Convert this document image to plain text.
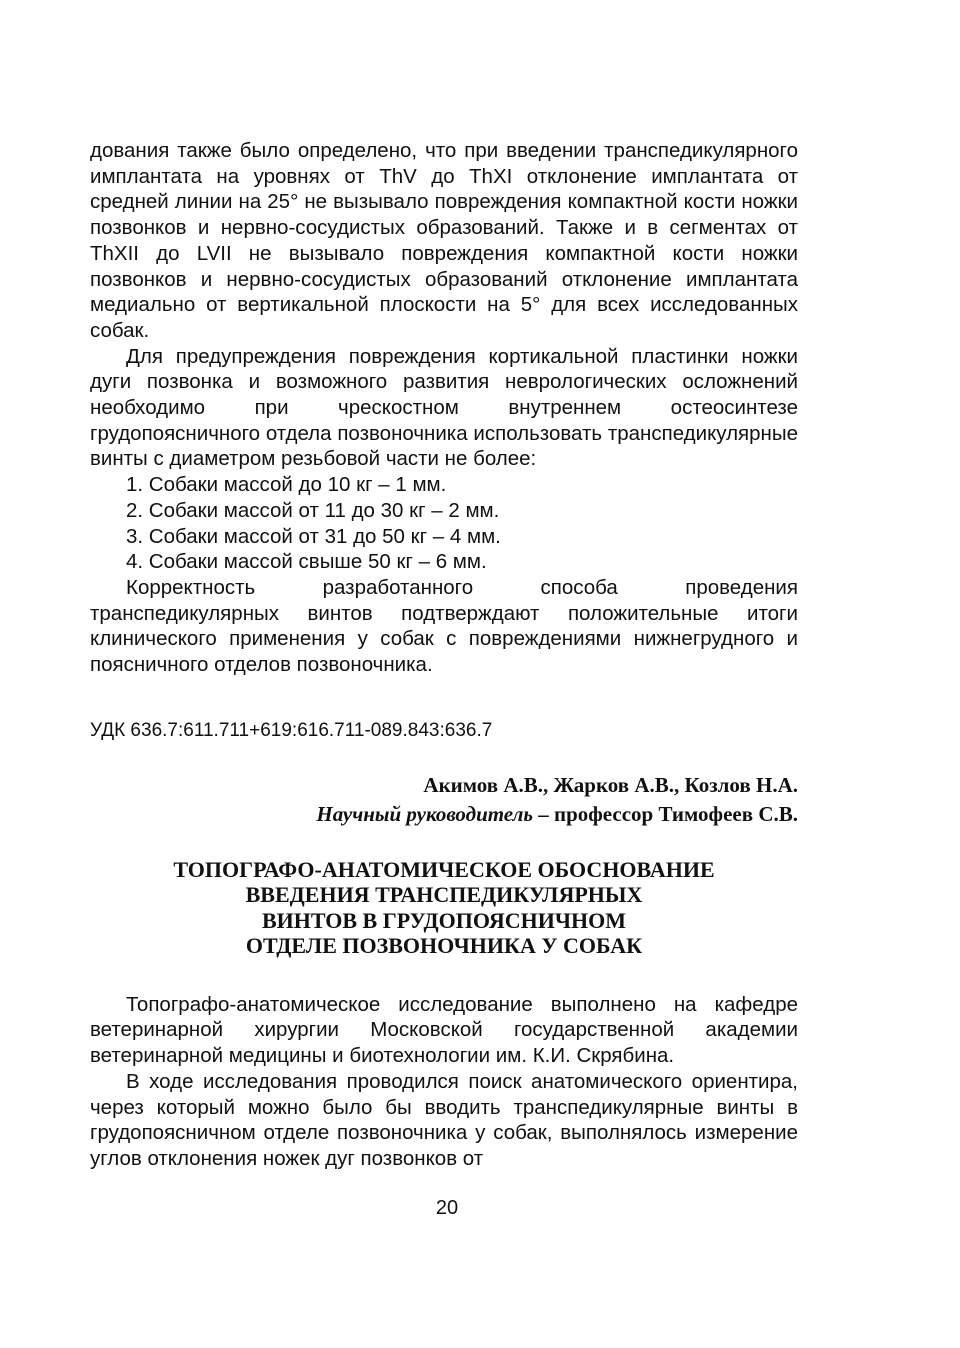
дования также было определено, что при введении транспедикулярного имплантата на уровнях от ThV до ThXI отклонение имплантата от средней линии на 25° не вызывало повреждения компактной кости ножки позвонков и нервно-сосудистых образований. Также и в сегментах от ThXII до LVII не вызывало повреждения компактной кости ножки позвонков и нервно-сосудистых образований отклонение имплантата медиально от вертикальной плоскости на 5° для всех исследованных собак.

Для предупреждения повреждения кортикальной пластинки ножки дуги позвонка и возможного развития неврологических осложнений необходимо при чрескостном внутреннем остеосинтезе грудопоясничного отдела позвоночника использовать транспедикулярные винты с диаметром резьбовой части не более:

1. Собаки массой до 10 кг – 1 мм.
2. Собаки массой от 11 до 30 кг – 2 мм.
3. Собаки массой от 31 до 50 кг – 4 мм.
4. Собаки массой свыше 50 кг – 6 мм.

Корректность разработанного способа проведения транспедикулярных винтов подтверждают положительные итоги клинического применения у собак с повреждениями нижнегрудного и поясничного отделов позвоночника.

УДК 636.7:611.711+619:616.711-089.843:636.7

Акимов А.В., Жарков А.В., Козлов Н.А.
Научный руководитель – профессор Тимофеев С.В.
ТОПОГРАФО-АНАТОМИЧЕСКОЕ ОБОСНОВАНИЕ
ВВЕДЕНИЯ ТРАНСПЕДИКУЛЯРНЫХ
ВИНТОВ В ГРУДОПОЯСНИЧНОМ
ОТДЕЛЕ ПОЗВОНОЧНИКА У СОБАК

Топографо-анатомическое исследование выполнено на кафедре ветеринарной хирургии Московской государственной академии ветеринарной медицины и биотехнологии им. К.И. Скрябина.

В ходе исследования проводился поиск анатомического ориентира, через который можно было бы вводить транспедикулярные винты в грудопоясничном отделе позвоночника у собак, выполнялось измерение углов отклонения ножек дуг позвонков от

20
